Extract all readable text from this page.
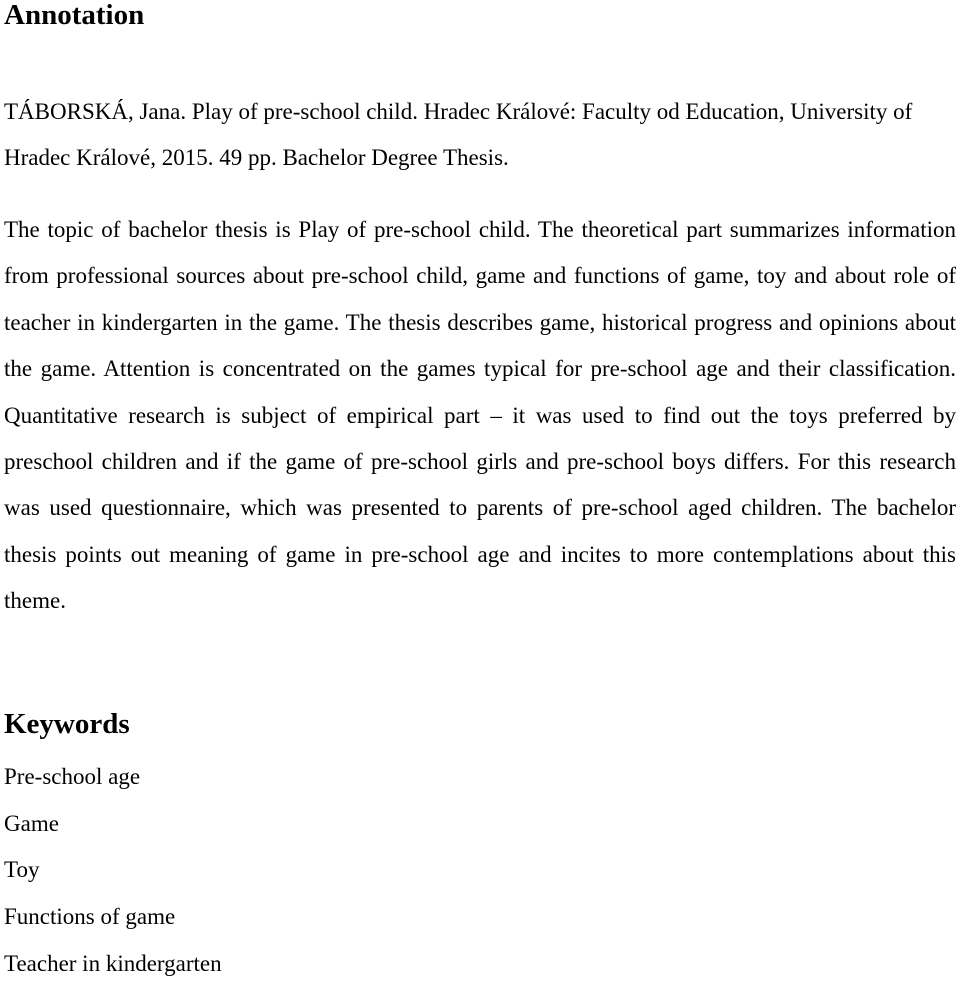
Annotation

TÁBORSKÁ, Jana. Play of pre-school child. Hradec Králové: Faculty od Education, University of Hradec Králové, 2015. 49 pp. Bachelor Degree Thesis.

The topic of bachelor thesis is Play of pre-school child. The theoretical part summarizes information from professional sources about pre-school child, game and functions of game, toy and about role of teacher in kindergarten in the game. The thesis describes game, historical progress and opinions about the game. Attention is concentrated on the games typical for pre-school age and their classification. Quantitative research is subject of empirical part – it was used to find out the toys preferred by preschool children and if the game of pre-school girls and pre-school boys differs. For this research was used questionnaire, which was presented to parents of pre-school aged children. The bachelor thesis points out meaning of game in pre-school age and incites to more contemplations about this theme.

Keywords
Pre-school age
Game
Toy
Functions of game
Teacher in kindergarten
